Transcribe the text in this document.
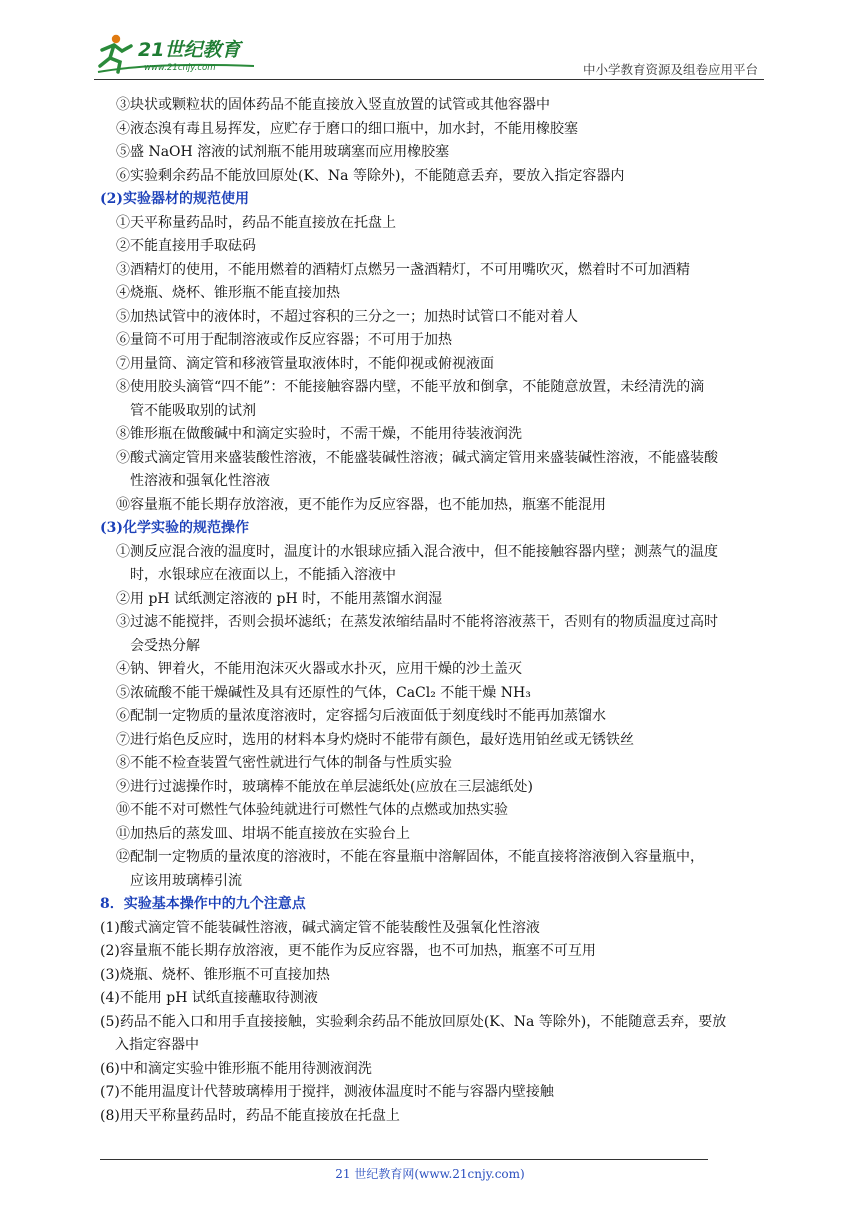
21世纪教育
www.21cnjy.com	中小学教育资源及组卷应用平台
③块状或颗粒状的固体药品不能直接放入竖直放置的试管或其他容器中
④液态溴有毒且易挥发，应贮存于磨口的细口瓶中，加水封，不能用橡胶塞
⑤盛 NaOH 溶液的试剂瓶不能用玻璃塞而应用橡胶塞
⑥实验剩余药品不能放回原处(K、Na 等除外)，不能随意丢弃，要放入指定容器内
(2)实验器材的规范使用
①天平称量药品时，药品不能直接放在托盘上
②不能直接用手取砝码
③酒精灯的使用，不能用燃着的酒精灯点燃另一盏酒精灯，不可用嘴吹灭，燃着时不可加酒精
④烧瓶、烧杯、锥形瓶不能直接加热
⑤加热试管中的液体时，不超过容积的三分之一；加热时试管口不能对着人
⑥量筒不可用于配制溶液或作反应容器；不可用于加热
⑦用量筒、滴定管和移液管量取液体时，不能仰视或俯视液面
⑧使用胶头滴管“四不能”：不能接触容器内壁，不能平放和倒拿，不能随意放置，未经清洗的滴
管不能吸取别的试剂
⑧锥形瓶在做酸碱中和滴定实验时，不需干燥，不能用待装液润洗
⑨酸式滴定管用来盛装酸性溶液，不能盛装碱性溶液；碱式滴定管用来盛装碱性溶液，不能盛装酸
性溶液和强氧化性溶液
⑩容量瓶不能长期存放溶液，更不能作为反应容器，也不能加热，瓶塞不能混用
(3)化学实验的规范操作
①测反应混合液的温度时，温度计的水银球应插入混合液中，但不能接触容器内壁；测蒸气的温度
时，水银球应在液面以上，不能插入溶液中
②用 pH 试纸测定溶液的 pH 时，不能用蒸馏水润湿
③过滤不能搅拌，否则会损坏滤纸；在蒸发浓缩结晶时不能将溶液蒸干，否则有的物质温度过高时
会受热分解
④钠、钾着火，不能用泡沫灭火器或水扑灭，应用干燥的沙土盖灭
⑤浓硫酸不能干燥碱性及具有还原性的气体，CaCl₂ 不能干燥 NH₃
⑥配制一定物质的量浓度溶液时，定容摇匀后液面低于刻度线时不能再加蒸馏水
⑦进行焰色反应时，选用的材料本身灼烧时不能带有颜色，最好选用铂丝或无锈铁丝
⑧不能不检查装置气密性就进行气体的制备与性质实验
⑨进行过滤操作时，玻璃棒不能放在单层滤纸处(应放在三层滤纸处)
⑩不能不对可燃性气体验纯就进行可燃性气体的点燃或加热实验
⑪加热后的蒸发皿、坩埚不能直接放在实验台上
⑫配制一定物质的量浓度的溶液时，不能在容量瓶中溶解固体，不能直接将溶液倒入容量瓶中，
应该用玻璃棒引流
8．实验基本操作中的九个注意点
(1)酸式滴定管不能装碱性溶液，碱式滴定管不能装酸性及强氧化性溶液
(2)容量瓶不能长期存放溶液，更不能作为反应容器，也不可加热，瓶塞不可互用
(3)烧瓶、烧杯、锥形瓶不可直接加热
(4)不能用 pH 试纸直接蘸取待测液
(5)药品不能入口和用手直接接触，实验剩余药品不能放回原处(K、Na 等除外)，不能随意丢弃，要放
入指定容器中
(6)中和滴定实验中锥形瓶不能用待测液润洗
(7)不能用温度计代替玻璃棒用于搅拌，测液体温度时不能与容器内壁接触
(8)用天平称量药品时，药品不能直接放在托盘上
21 世纪教育网(www.21cnjy.com)
